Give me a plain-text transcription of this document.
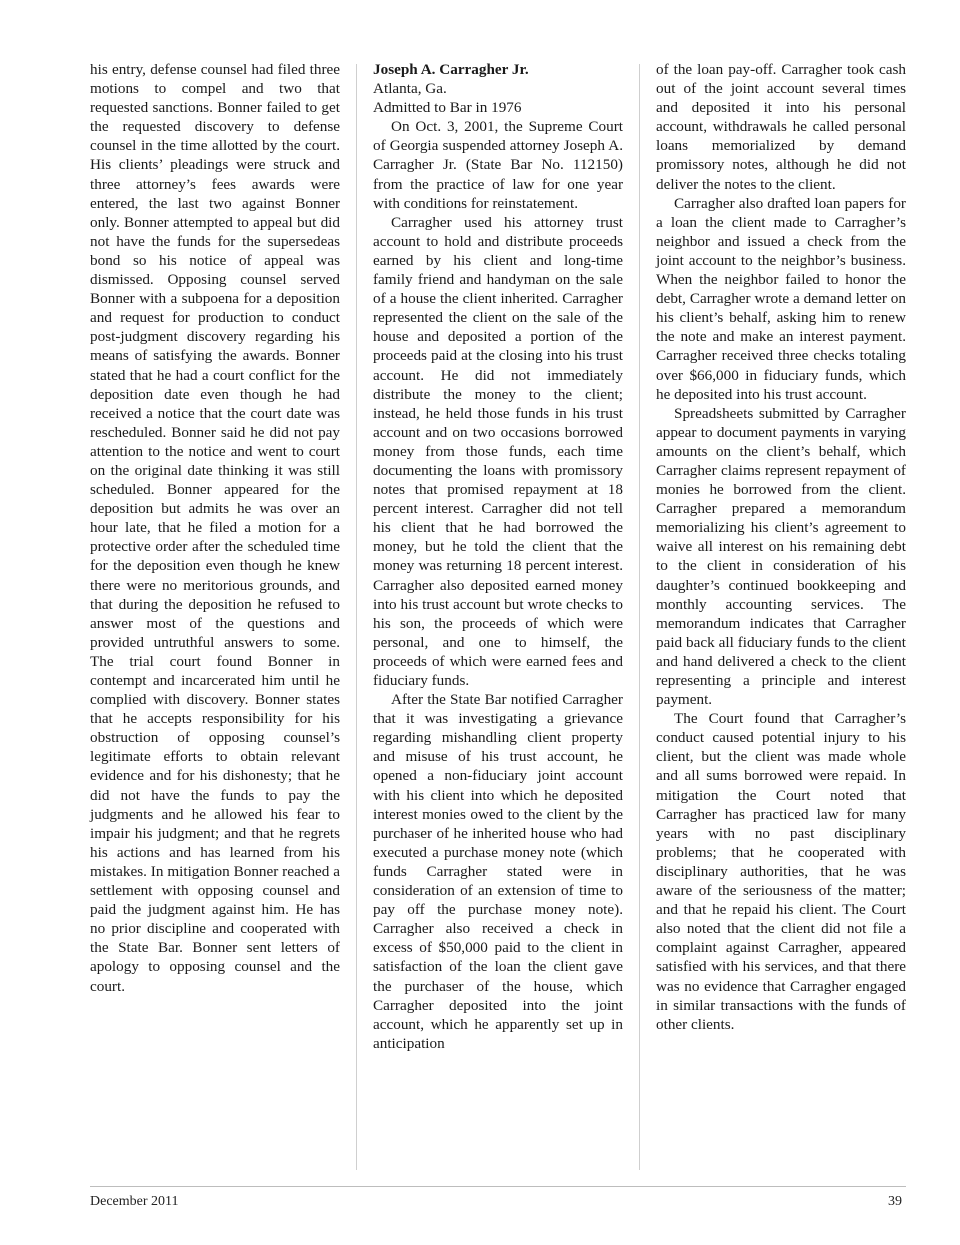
his entry, defense counsel had filed three motions to compel and two that requested sanctions. Bonner failed to get the requested discovery to defense counsel in the time allotted by the court. His clients’ pleadings were struck and three attorney’s fees awards were entered, the last two against Bonner only. Bonner attempted to appeal but did not have the funds for the supersedeas bond so his notice of appeal was dismissed. Opposing counsel served Bonner with a subpoena for a deposition and request for production to conduct post-judgment discovery regarding his means of satisfying the awards. Bonner stated that he had a court conflict for the deposition date even though he had received a notice that the court date was rescheduled. Bonner said he did not pay attention to the notice and went to court on the original date thinking it was still scheduled. Bonner appeared for the deposition but admits he was over an hour late, that he filed a motion for a protective order after the scheduled time for the deposition even though he knew there were no meritorious grounds, and that during the deposition he refused to answer most of the questions and provided untruthful answers to some. The trial court found Bonner in contempt and incarcerated him until he complied with discovery. Bonner states that he accepts responsibility for his obstruction of opposing counsel’s legitimate efforts to obtain relevant evidence and for his dishonesty; that he did not have the funds to pay the judgments and he allowed his fear to impair his judgment; and that he regrets his actions and has learned from his mistakes. In mitigation Bonner reached a settlement with opposing counsel and paid the judgment against him. He has no prior discipline and cooperated with the State Bar. Bonner sent letters of apology to opposing counsel and the court.

Joseph A. Carragher Jr.

Atlanta, Ga.

Admitted to Bar in 1976

On Oct. 3, 2001, the Supreme Court of Georgia suspended attorney Joseph A. Carragher Jr. (State Bar No. 112150) from the practice of law for one year with conditions for reinstatement.

Carragher used his attorney trust account to hold and distribute proceeds earned by his client and long-time family friend and handyman on the sale of a house the client inherited. Carragher represented the client on the sale of the house and deposited a portion of the proceeds paid at the closing into his trust account. He did not immediately distribute the money to the client; instead, he held those funds in his trust account and on two occasions borrowed money from those funds, each time documenting the loans with promissory notes that promised repayment at 18 percent interest. Carragher did not tell his client that he had borrowed the money, but he told the client that the money was returning 18 percent interest. Carragher also deposited earned money into his trust account but wrote checks to his son, the proceeds of which were personal, and one to himself, the proceeds of which were earned fees and fiduciary funds.

After the State Bar notified Carragher that it was investigating a grievance regarding mishandling client property and misuse of his trust account, he opened a non-fiduciary joint account with his client into which he deposited interest monies owed to the client by the purchaser of he inherited house who had executed a purchase money note (which funds Carragher stated were in consideration of an extension of time to pay off the purchase money note). Carragher also received a check in excess of $50,000 paid to the client in satisfaction of the loan the client gave the purchaser of the house, which Carragher deposited into the joint account, which he apparently set up in anticipation

of the loan pay-off. Carragher took cash out of the joint account several times and deposited it into his personal account, withdrawals he called personal loans memorialized by demand promissory notes, although he did not deliver the notes to the client.

Carragher also drafted loan papers for a loan the client made to Carragher’s neighbor and issued a check from the joint account to the neighbor’s business. When the neighbor failed to honor the debt, Carragher wrote a demand letter on his client’s behalf, asking him to renew the note and make an interest payment. Carragher received three checks totaling over $66,000 in fiduciary funds, which he deposited into his trust account.

Spreadsheets submitted by Carragher appear to document payments in varying amounts on the client’s behalf, which Carragher claims represent repayment of monies he borrowed from the client. Carragher prepared a memorandum memorializing his client’s agreement to waive all interest on his remaining debt to the client in consideration of his daughter’s continued bookkeeping and monthly accounting services. The memorandum indicates that Carragher paid back all fiduciary funds to the client and hand delivered a check to the client representing a principle and interest payment.

The Court found that Carragher’s conduct caused potential injury to his client, but the client was made whole and all sums borrowed were repaid. In mitigation the Court noted that Carragher has practiced law for many years with no past disciplinary problems; that he cooperated with disciplinary authorities, that he was aware of the seriousness of the matter; and that he repaid his client. The Court also noted that the client did not file a complaint against Carragher, appeared satisfied with his services, and that there was no evidence that Carragher engaged in similar transactions with the funds of other clients.

December 2011	39
